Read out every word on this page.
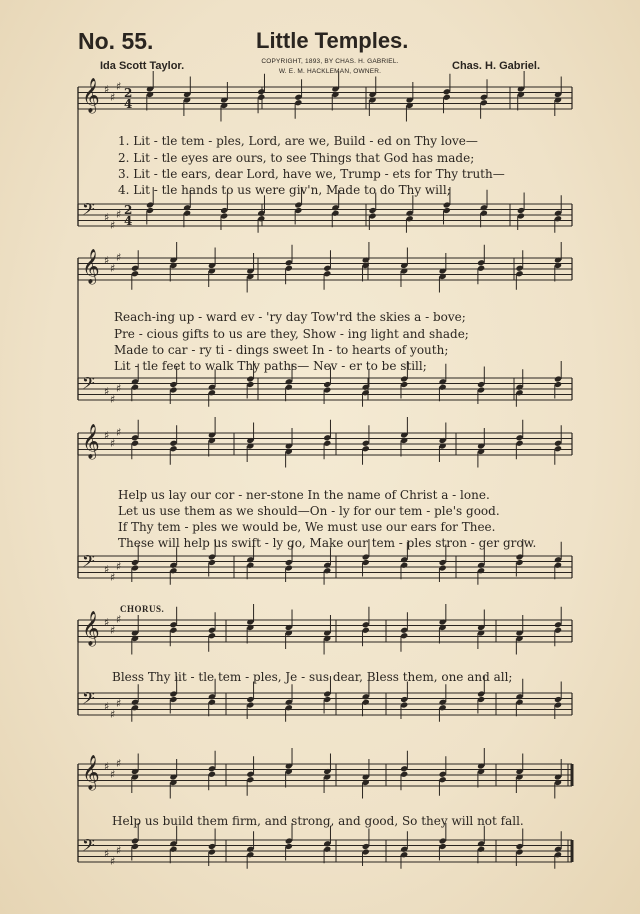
No. 55.	Little Temples.
Ida Scott Taylor.	COPYRIGHT, 1893, BY CHAS. H. GABRIEL.
W. E. M. HACKLEMAN, OWNER.	Chas. H. Gabriel.
𝄞 ♯
♯
♯ 2
4
𝄢 ♯
♯
♯ 2
4
𝄞 ♯
♯
♯
𝄢 ♯
♯
♯
𝄞 ♯
♯
♯
𝄢 ♯
♯
♯
𝄞 ♯
♯
♯
𝄢 ♯
♯
♯
𝄞 ♯
♯
♯
𝄢 ♯
♯
♯
CHORUS.
1. Lit - tle tem - ples, Lord, are we, Build - ed on Thy love—
2. Lit - tle eyes are ours, to see Things that God has made;
3. Lit - tle ears, dear Lord, have we, Trump - ets for Thy truth—
4. Lit - tle hands to us were giv'n, Made to do Thy will;
Reach-ing up - ward ev - 'ry day Tow'rd the skies a - bove;
Pre - cious gifts to us are they, Show - ing light and shade;
Made to car - ry ti - dings sweet In - to hearts of youth;
Lit - tle feet to walk Thy paths— Nev - er to be still;
Help us lay our cor - ner-stone In the name of Christ a - lone.
Let us use them as we should—On - ly for our tem - ple's good.
If Thy tem - ples we would be, We must use our ears for Thee.
These will help us swift - ly go, Make our tem - ples stron - ger grow.
Bless Thy lit - tle tem - ples, Je - sus dear, Bless them, one and all;
Help us build them firm, and strong, and good, So they will not fall.
